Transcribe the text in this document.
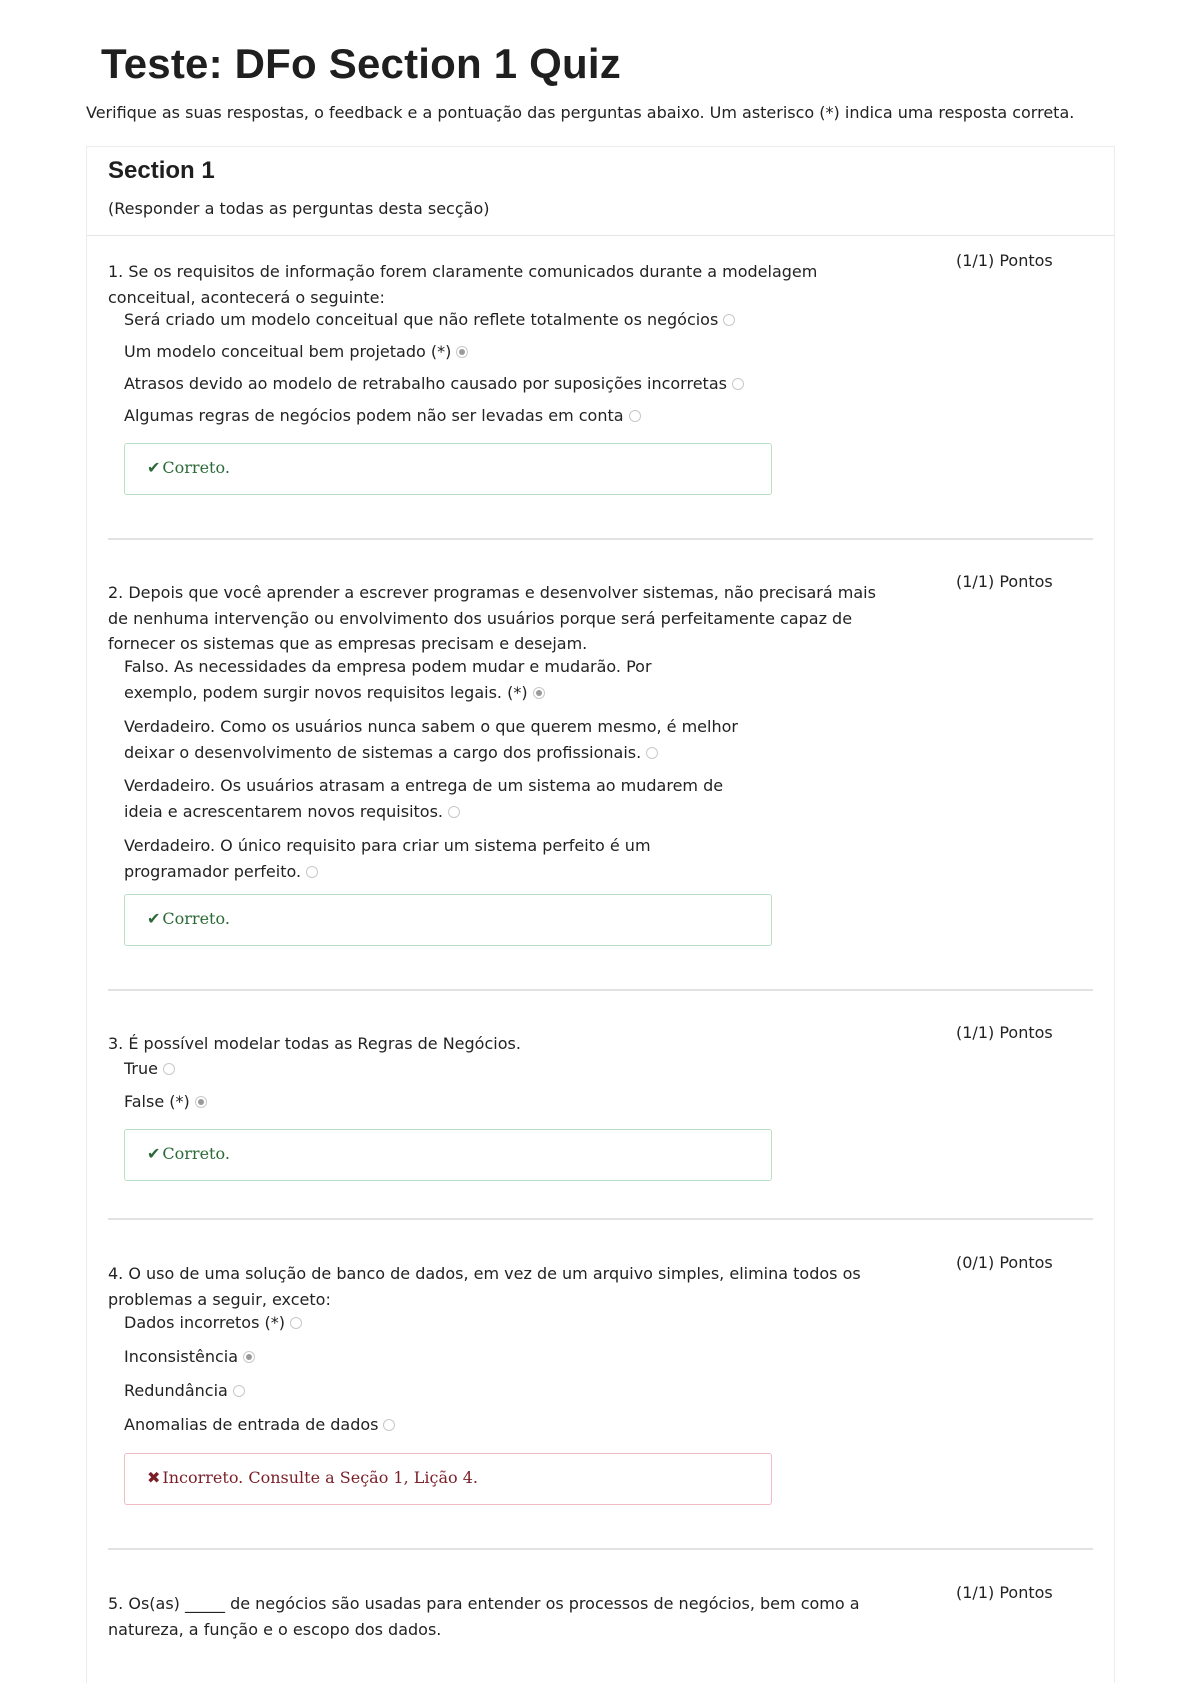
Teste: DFo Section 1 Quiz

Verifique as suas respostas, o feedback e a pontuação das perguntas abaixo. Um asterisco (*) indica uma resposta correta.

Section 1
(Responder a todas as perguntas desta secção)
1. Se os requisitos de informação forem claramente comunicados durante a modelagem conceitual, acontecerá o seguinte:
(1/1) Pontos
Será criado um modelo conceitual que não reflete totalmente os negócios
Um modelo conceitual bem projetado (*)
Atrasos devido ao modelo de retrabalho causado por suposições incorretas
Algumas regras de negócios podem não ser levadas em conta
✔ Correto.
2. Depois que você aprender a escrever programas e desenvolver sistemas, não precisará mais de nenhuma intervenção ou envolvimento dos usuários porque será perfeitamente capaz de fornecer os sistemas que as empresas precisam e desejam.
(1/1) Pontos
Falso. As necessidades da empresa podem mudar e mudarão. Por exemplo, podem surgir novos requisitos legais. (*)
Verdadeiro. Como os usuários nunca sabem o que querem mesmo, é melhor deixar o desenvolvimento de sistemas a cargo dos profissionais.
Verdadeiro. Os usuários atrasam a entrega de um sistema ao mudarem de ideia e acrescentarem novos requisitos.
Verdadeiro. O único requisito para criar um sistema perfeito é um programador perfeito.
✔ Correto.
3. É possível modelar todas as Regras de Negócios.
(1/1) Pontos
True
False (*)
✔ Correto.
4. O uso de uma solução de banco de dados, em vez de um arquivo simples, elimina todos os problemas a seguir, exceto:
(0/1) Pontos
Dados incorretos (*)
Inconsistência
Redundância
Anomalias de entrada de dados
✖ Incorreto. Consulte a Seção 1, Lição 4.
5. Os(as) _____ de negócios são usadas para entender os processos de negócios, bem como a natureza, a função e o escopo dos dados.
(1/1) Pontos
